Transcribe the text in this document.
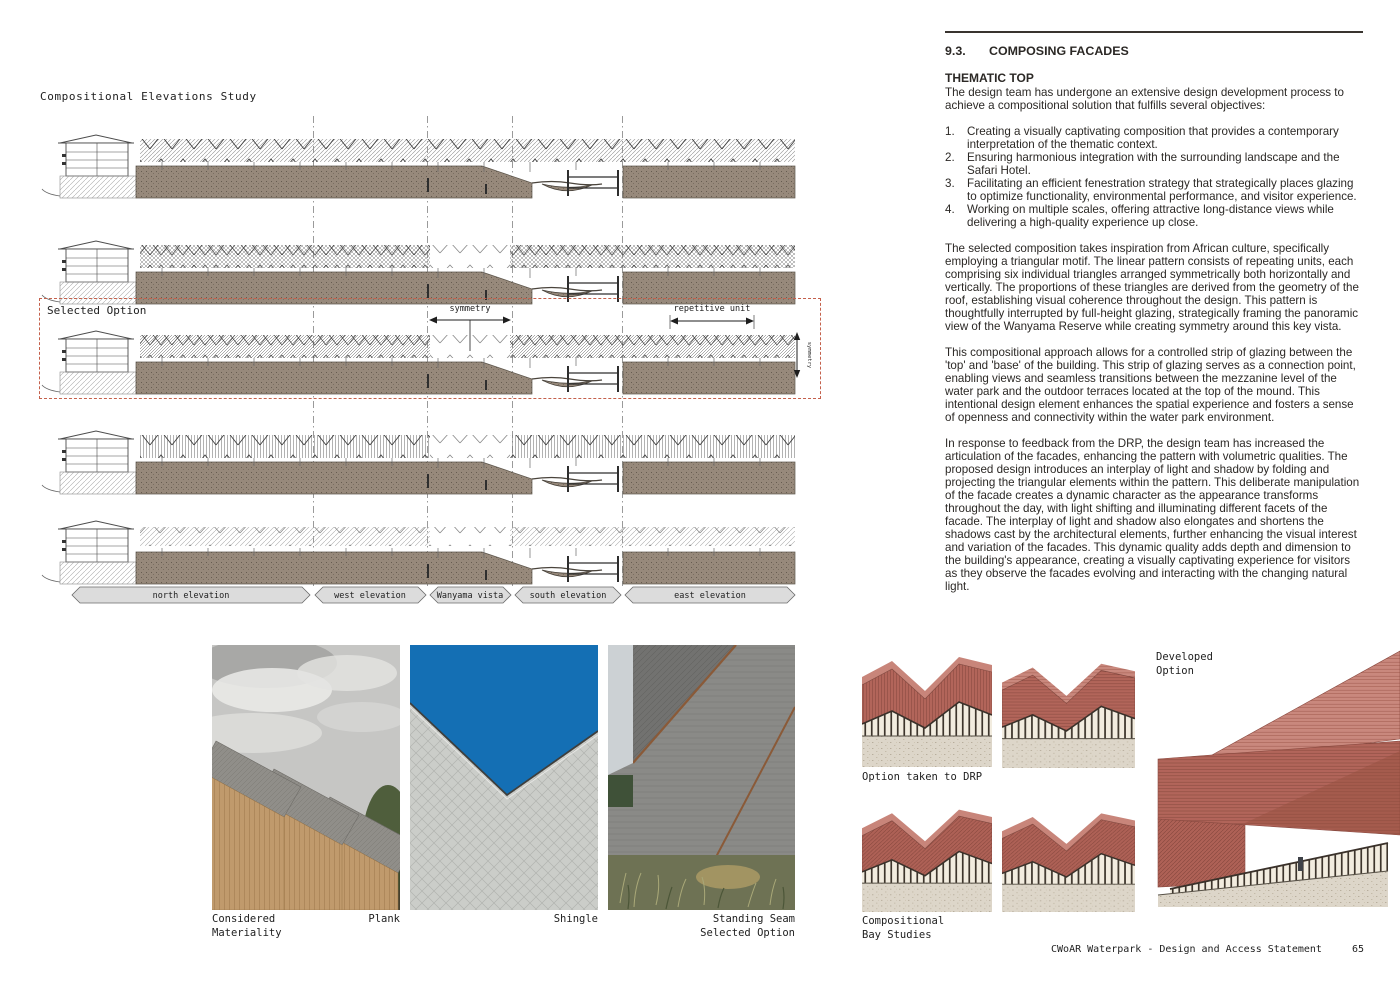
Compositional Elevations Study
Selected Option	symmetry	repetitive unit
symmetry
north elevation	west elevation	Wanyama vista	south elevation	east elevation
9.3.	COMPOSING FACADES
THEMATIC TOP

The design team has undergone an extensive design development process to achieve a compositional solution that fulfills several objectives:

1.	Creating a visually captivating composition that provides a contemporary interpretation of the thematic context.
2.	Ensuring harmonious integration with the surrounding landscape and the Safari Hotel.
3.	Facilitating an efficient fenestration strategy that strategically places glazing to optimize functionality, environmental performance, and visitor experience.
4.	Working on multiple scales, offering attractive long-distance views while delivering a high-quality experience up close.

The selected composition takes inspiration from African culture, specifically employing a triangular motif. The linear pattern consists of repeating units, each comprising six individual triangles arranged symmetrically both horizontally and vertically. The proportions of these triangles are derived from the geometry of the roof, establishing visual coherence throughout the design. This pattern is thoughtfully interrupted by full-height glazing, strategically framing the panoramic view of the Wanyama Reserve while creating symmetry around this key vista.

This compositional approach allows for a controlled strip of glazing between the 'top' and 'base' of the building. This strip of glazing serves as a connection point, enabling views and seamless transitions between the mezzanine level of the water park and the outdoor terraces located at the top of the mound. This intentional design element enhances the spatial experience and fosters a sense of openness and connectivity within the water park environment.

In response to feedback from the DRP, the design team has increased the articulation of the facades, enhancing the pattern with volumetric qualities. The proposed design introduces an interplay of light and shadow by folding and projecting the triangular elements within the pattern. This deliberate manipulation of the facade creates a dynamic character as the appearance transforms throughout the day, with light shifting and illuminating different facets of the facade. The interplay of light and shadow also elongates and shortens the shadows cast by the architectural elements, further enhancing the visual interest and variation of the facades. This dynamic quality adds depth and dimension to the building's appearance, creating a visually captivating experience for visitors as they observe the facades evolving and interacting with the changing natural light.

Considered
Materiality
Plank	Shingle	Standing Seam
Selected Option
Option taken to DRP
Compositional
Bay Studies
Developed
Option
CWoAR Waterpark - Design and Access Statement	65
